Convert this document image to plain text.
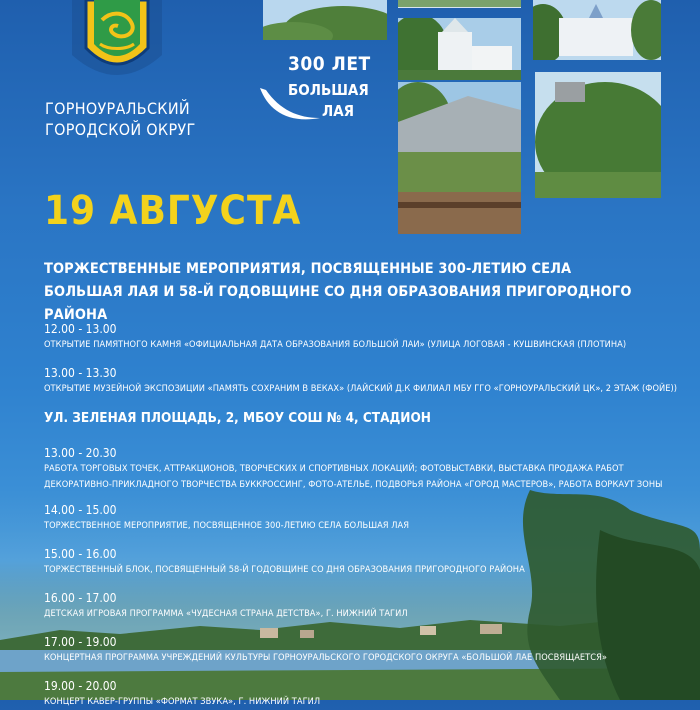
ГОРНОУРАЛЬСКИЙ
ГОРОДСКОЙ ОКРУГ
300 ЛЕТ
БОЛЬШАЯ
ЛАЯ
19 АВГУСТА
ТОРЖЕСТВЕННЫЕ МЕРОПРИЯТИЯ, ПОСВЯЩЕННЫЕ 300-ЛЕТИЮ СЕЛА
БОЛЬШАЯ ЛАЯ И 58-Й ГОДОВЩИНЕ СО ДНЯ ОБРАЗОВАНИЯ ПРИГОРОДНОГО РАЙОНА
12.00 - 13.00
ОТКРЫТИЕ ПАМЯТНОГО КАМНЯ «ОФИЦИАЛЬНАЯ ДАТА ОБРАЗОВАНИЯ БОЛЬШОЙ ЛАИ» (УЛИЦА ЛОГОВАЯ - КУШВИНСКАЯ (ПЛОТИНА)
13.00 - 13.30
ОТКРЫТИЕ МУЗЕЙНОЙ ЭКСПОЗИЦИИ «ПАМЯТЬ СОХРАНИМ В ВЕКАХ» (ЛАЙСКИЙ Д.К ФИЛИАЛ МБУ ГГО «ГОРНОУРАЛЬСКИЙ ЦК», 2 ЭТАЖ (ФОЙЕ))
УЛ. ЗЕЛЕНАЯ ПЛОЩАДЬ, 2, МБОУ СОШ № 4, СТАДИОН
13.00 - 20.30
РАБОТА ТОРГОВЫХ ТОЧЕК, АТТРАКЦИОНОВ, ТВОРЧЕСКИХ И СПОРТИВНЫХ ЛОКАЦИЙ; ФОТОВЫСТАВКИ, ВЫСТАВКА ПРОДАЖА РАБОТ
ДЕКОРАТИВНО-ПРИКЛАДНОГО ТВОРЧЕСТВА БУККРОССИНГ, ФОТО-АТЕЛЬЕ, ПОДВОРЬЯ РАЙОНА «ГОРОД МАСТЕРОВ», РАБОТА ВОРКАУТ ЗОНЫ
14.00 - 15.00
ТОРЖЕСТВЕННОЕ МЕРОПРИЯТИЕ, ПОСВЯЩЕННОЕ 300-ЛЕТИЮ СЕЛА БОЛЬШАЯ ЛАЯ
15.00 - 16.00
ТОРЖЕСТВЕННЫЙ БЛОК, ПОСВЯЩЕННЫЙ 58-Й ГОДОВЩИНЕ СО ДНЯ ОБРАЗОВАНИЯ ПРИГОРОДНОГО РАЙОНА
16.00 - 17.00
ДЕТСКАЯ ИГРОВАЯ ПРОГРАММА «ЧУДЕСНАЯ СТРАНА ДЕТСТВА», Г. НИЖНИЙ ТАГИЛ
17.00 - 19.00
КОНЦЕРТНАЯ ПРОГРАММА УЧРЕЖДЕНИЙ КУЛЬТУРЫ ГОРНОУРАЛЬСКОГО ГОРОДСКОГО ОКРУГА «БОЛЬШОЙ ЛАЕ ПОСВЯЩАЕТСЯ»
19.00 - 20.00
КОНЦЕРТ КАВЕР-ГРУППЫ «ФОРМАТ ЗВУКА», Г. НИЖНИЙ ТАГИЛ
